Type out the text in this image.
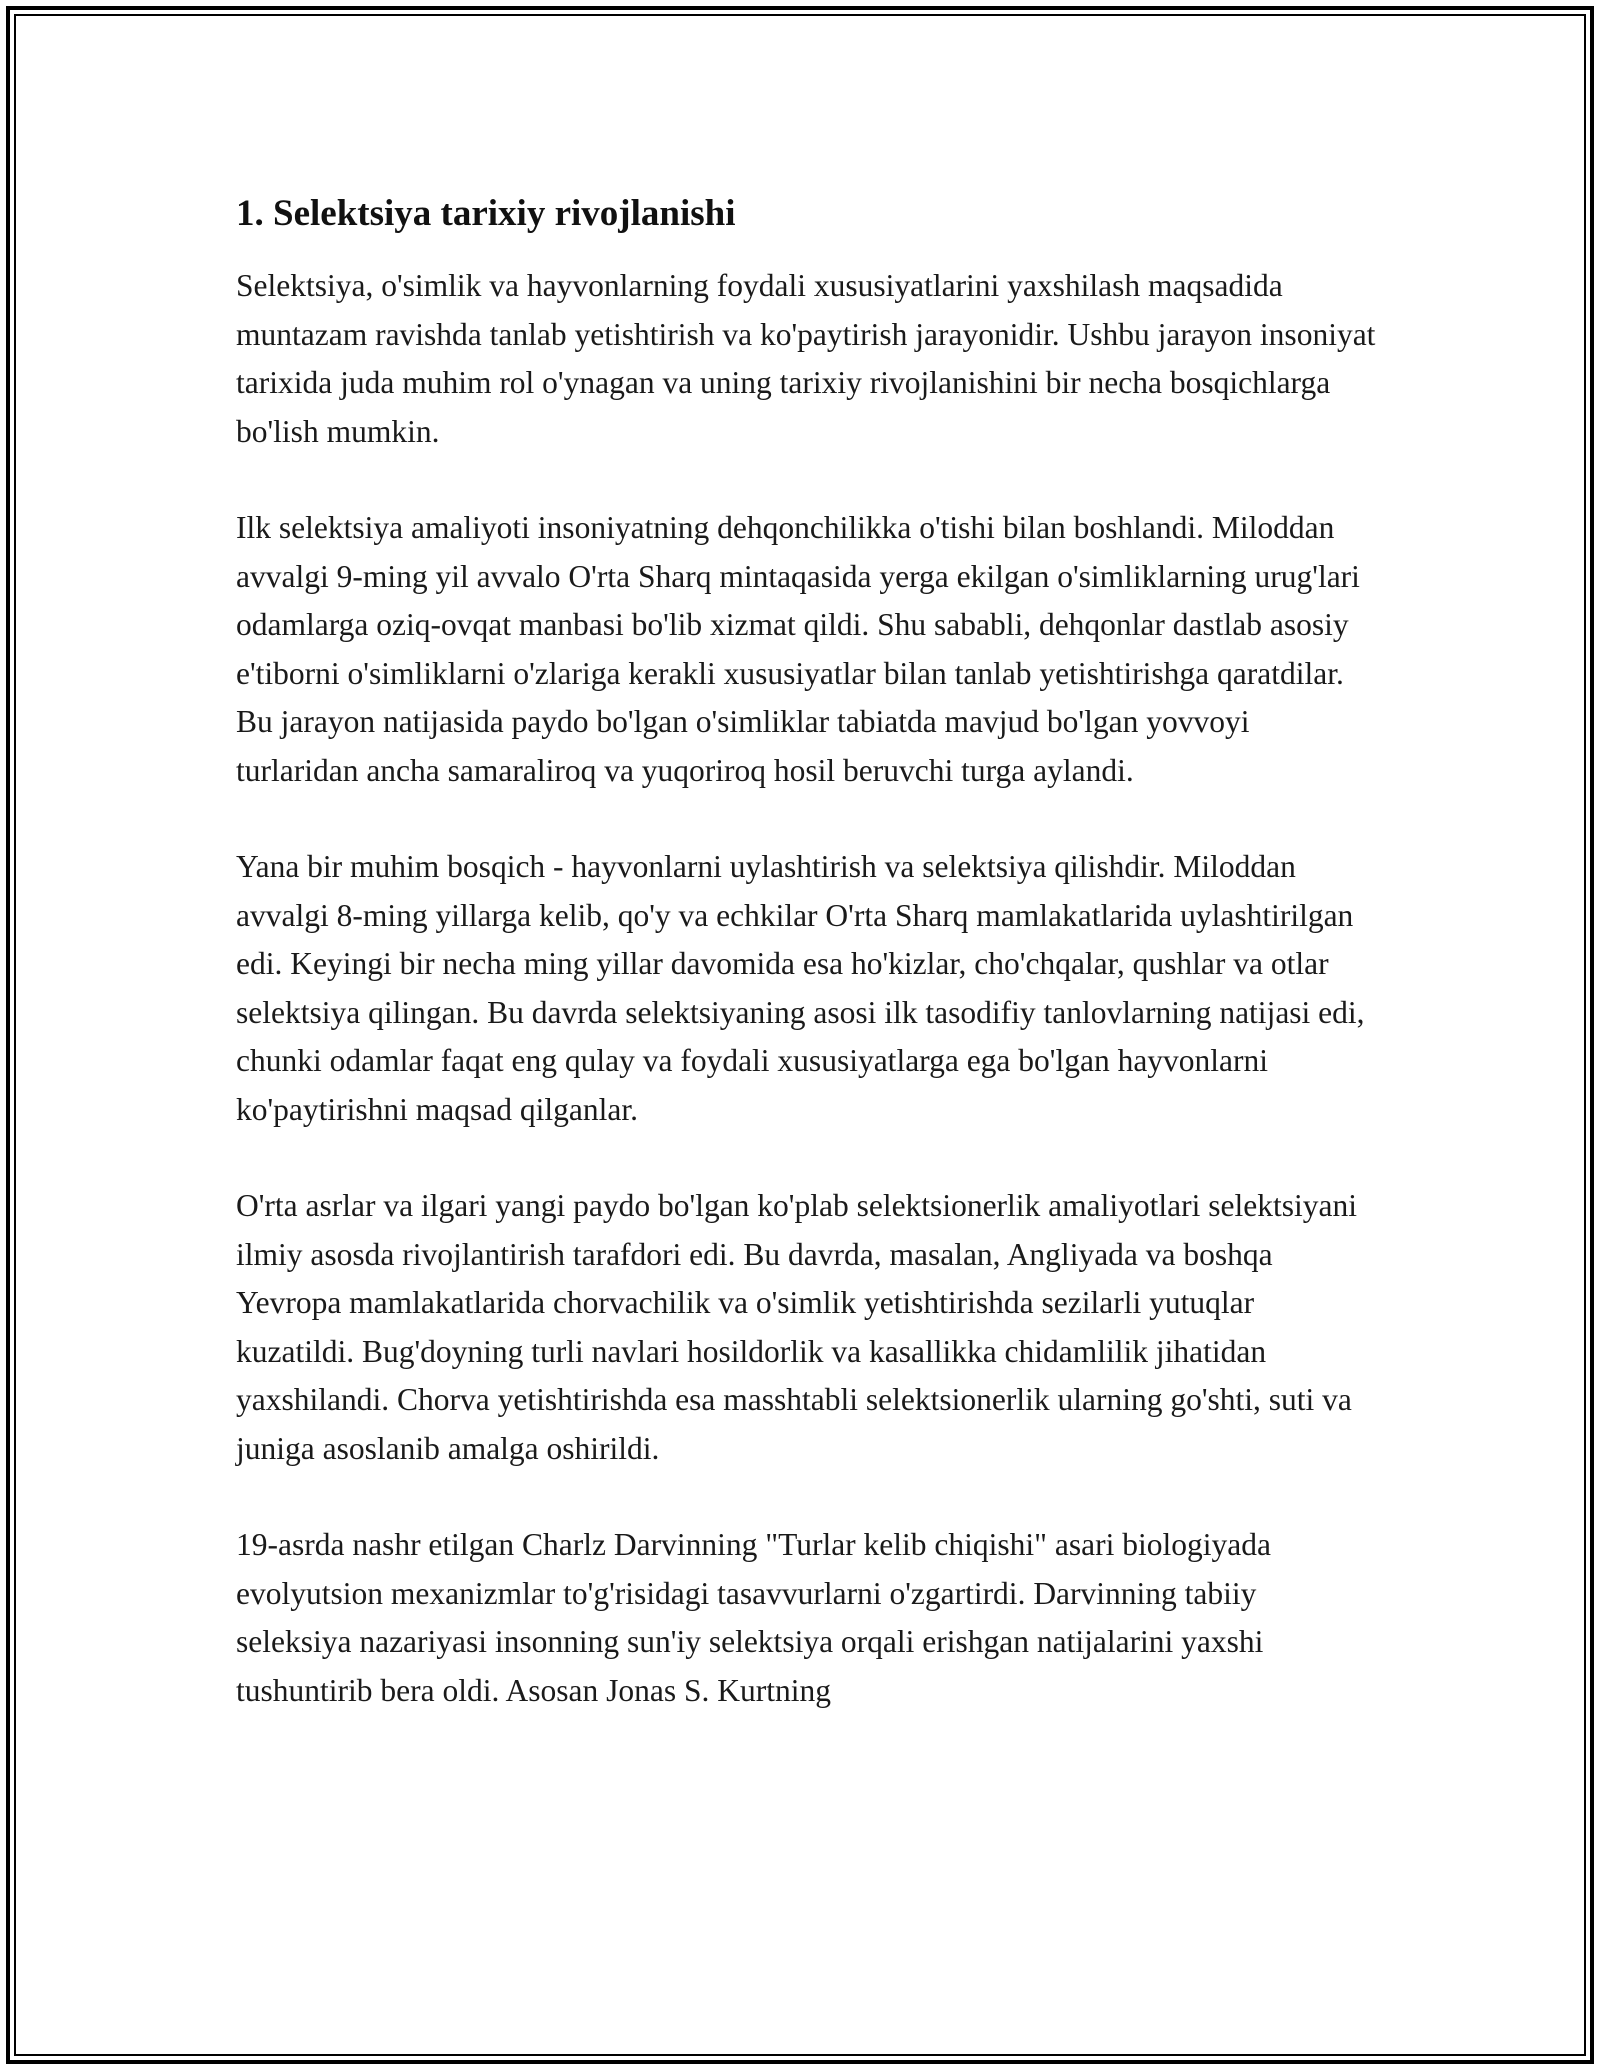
1. Selektsiya tarixiy rivojlanishi

Selektsiya, o'simlik va hayvonlarning foydali xususiyatlarini yaxshilash maqsadida muntazam ravishda tanlab yetishtirish va ko'paytirish jarayonidir. Ushbu jarayon insoniyat tarixida juda muhim rol o'ynagan va uning tarixiy rivojlanishini bir necha bosqichlarga bo'lish mumkin.

Ilk selektsiya amaliyoti insoniyatning dehqonchilikka o'tishi bilan boshlandi. Miloddan avvalgi 9-ming yil avvalo O'rta Sharq mintaqasida yerga ekilgan o'simliklarning urug'lari odamlarga oziq-ovqat manbasi bo'lib xizmat qildi. Shu sababli, dehqonlar dastlab asosiy e'tiborni o'simliklarni o'zlariga kerakli xususiyatlar bilan tanlab yetishtirishga qaratdilar. Bu jarayon natijasida paydo bo'lgan o'simliklar tabiatda mavjud bo'lgan yovvoyi turlaridan ancha samaraliroq va yuqoriroq hosil beruvchi turga aylandi.

Yana bir muhim bosqich - hayvonlarni uylashtirish va selektsiya qilishdir. Miloddan avvalgi 8-ming yillarga kelib, qo'y va echkilar O'rta Sharq mamlakatlarida uylashtirilgan edi. Keyingi bir necha ming yillar davomida esa ho'kizlar, cho'chqalar, qushlar va otlar selektsiya qilingan. Bu davrda selektsiyaning asosi ilk tasodifiy tanlovlarning natijasi edi, chunki odamlar faqat eng qulay va foydali xususiyatlarga ega bo'lgan hayvonlarni ko'paytirishni maqsad qilganlar.

O'rta asrlar va ilgari yangi paydo bo'lgan ko'plab selektsionerlik amaliyotlari selektsiyani ilmiy asosda rivojlantirish tarafdori edi. Bu davrda, masalan, Angliyada va boshqa Yevropa mamlakatlarida chorvachilik va o'simlik yetishtirishda sezilarli yutuqlar kuzatildi. Bug'doyning turli navlari hosildorlik va kasallikka chidamlilik jihatidan yaxshilandi. Chorva yetishtirishda esa masshtabli selektsionerlik ularning go'shti, suti va juniga asoslanib amalga oshirildi.

19-asrda nashr etilgan Charlz Darvinning "Turlar kelib chiqishi" asari biologiyada evolyutsion mexanizmlar to'g'risidagi tasavvurlarni o'zgartirdi. Darvinning tabiiy seleksiya nazariyasi insonning sun'iy selektsiya orqali erishgan natijalarini yaxshi tushuntirib bera oldi. Asosan Jonas S. Kurtning
